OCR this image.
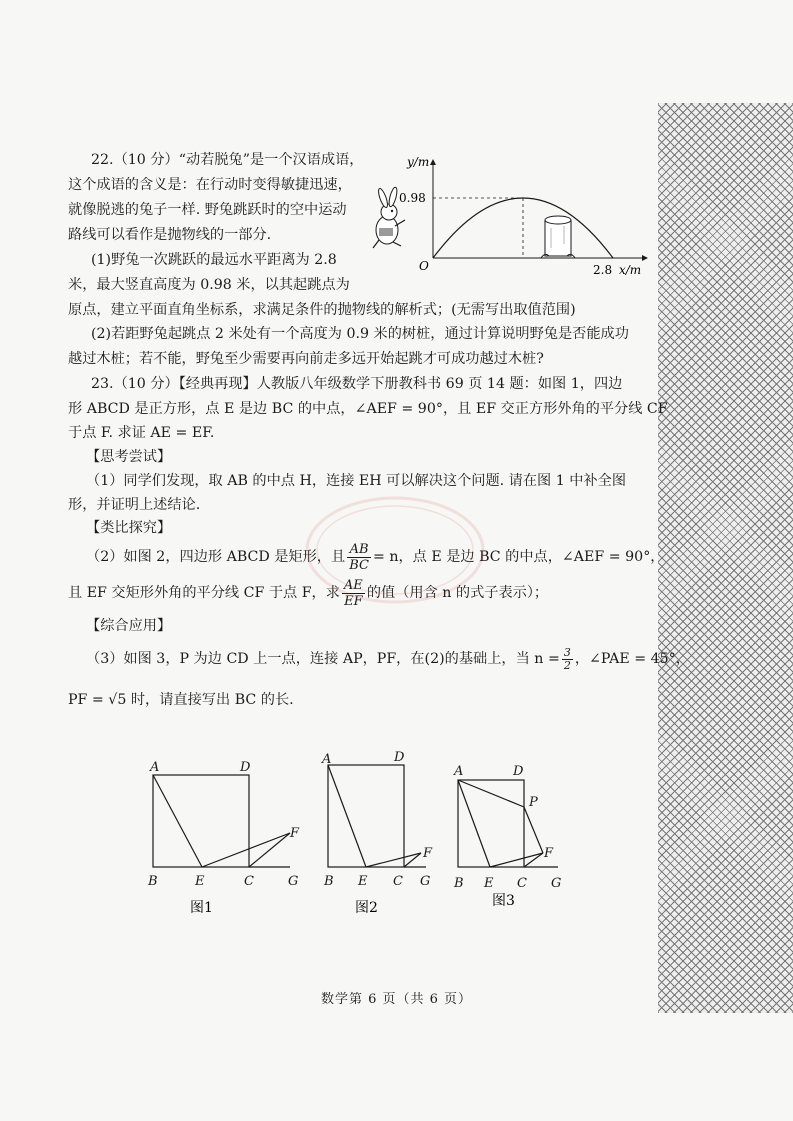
22.（10 分）“动若脱兔”是一个汉语成语，
这个成语的含义是：在行动时变得敏捷迅速，
就像脱逃的兔子一样. 野兔跳跃时的空中运动
路线可以看作是抛物线的一部分.
(1)野兔一次跳跃的最远水平距离为 2.8
米，最大竖直高度为 0.98 米，以其起跳点为
原点，建立平面直角坐标系，求满足条件的抛物线的解析式；(无需写出取值范围)
(2)若距野兔起跳点 2 米处有一个高度为 0.9 米的树桩，通过计算说明野兔是否能成功
越过木桩；若不能，野兔至少需要再向前走多远开始起跳才可成功越过木桩?
y/m
0.98
O	2.8 x/m
23.（10 分）【经典再现】人教版八年级数学下册教科书 69 页 14 题：如图 1，四边
形 ABCD 是正方形，点 E 是边 BC 的中点，∠AEF = 90°，且 EF 交正方形外角的平分线 CF
于点 F. 求证 AE = EF.
【思考尝试】
（1）同学们发现，取 AB 的中点 H，连接 EH 可以解决这个问题. 请在图 1 中补全图
形，并证明上述结论.
【类比探究】
（2）如图 2，四边形 ABCD 是矩形，且 $\frac{AB}{BC} = n$，点 E 是边 BC 的中点，∠AEF = 90°，
且 EF 交矩形外角的平分线 CF 于点 F，求 $\frac{AE}{EF}$ 的值（用含 n 的式子表示）；
【综合应用】
（3）如图 3，P 为边 CD 上一点，连接 AP，PF，在(2)的基础上，当 $n = \frac{3}{2}$ ，∠PAE = 45°，
PF = √5 时，请直接写出 BC 的长.
A	D
B	E	C	G
F
图1
A	D
B E C G
F
图2
A	D
P
B E C G
F
图3
数学第 6 页（共 6 页）
